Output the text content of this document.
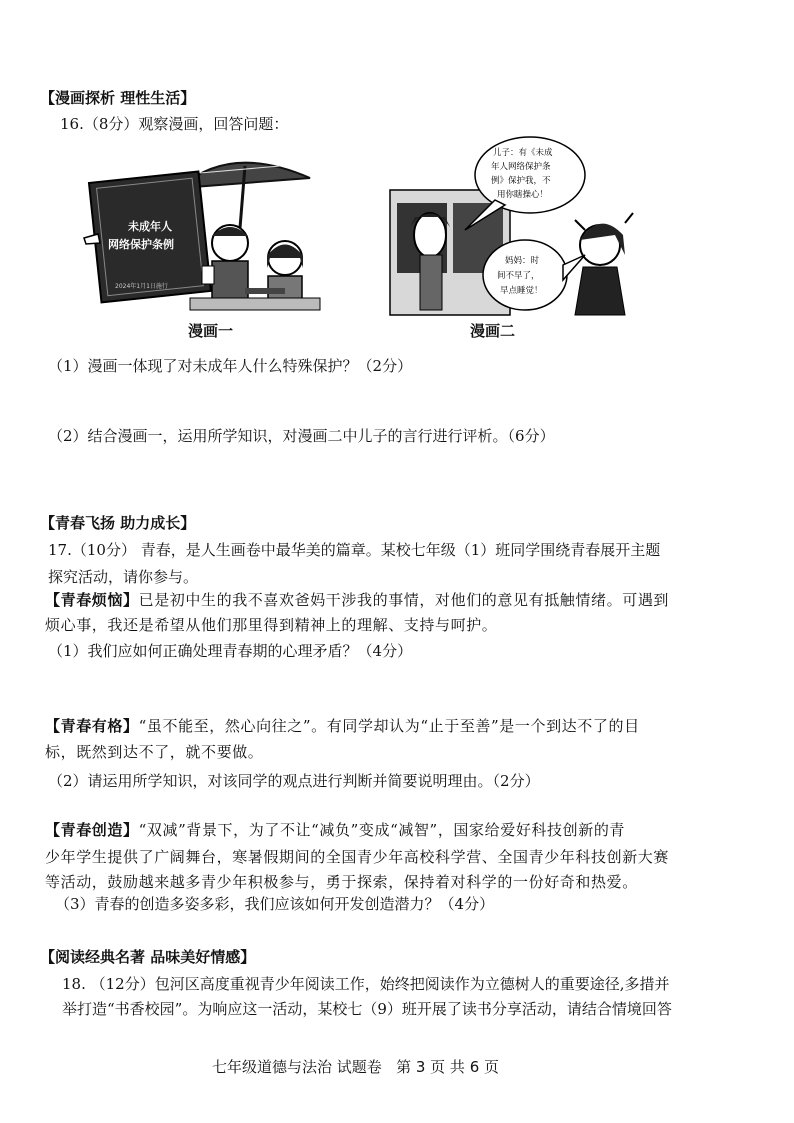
【漫画探析 理性生活】
16.（8分）观察漫画，回答问题：
未成年人
网络保护条例
2024年1月1日施行
漫画一
儿子：有《未成
年人网络保护条
例》保护我，不
用你瞎操心！
妈妈：时
间不早了，
早点睡觉！
漫画二
（1）漫画一体现了对未成年人什么特殊保护？（2分）
（2）结合漫画一，运用所学知识，对漫画二中儿子的言行进行评析。（6分）
【青春飞扬 助力成长】
17.（10分） 青春，是人生画卷中最华美的篇章。某校七年级（1）班同学围绕青春展开主题
探究活动，请你参与。
【青春烦恼】已是初中生的我不喜欢爸妈干涉我的事情，对他们的意见有抵触情绪。可遇到
烦心事，我还是希望从他们那里得到精神上的理解、支持与呵护。
（1）我们应如何正确处理青春期的心理矛盾？（4分）
【青春有格】“虽不能至，然心向往之”。有同学却认为“止于至善”是一个到达不了的目
标，既然到达不了，就不要做。
（2）请运用所学知识，对该同学的观点进行判断并简要说明理由。（2分）
【青春创造】“双减”背景下，为了不让“减负”变成“减智”，国家给爱好科技创新的青
少年学生提供了广阔舞台，寒暑假期间的全国青少年高校科学营、全国青少年科技创新大赛
等活动，鼓励越来越多青少年积极参与，勇于探索，保持着对科学的一份好奇和热爱。
（3）青春的创造多姿多彩，我们应该如何开发创造潜力？（4分）
【阅读经典名著 品味美好情感】
18. （12分）包河区高度重视青少年阅读工作，始终把阅读作为立德树人的重要途径,多措并
举打造“书香校园”。为响应这一活动，某校七（9）班开展了读书分享活动，请结合情境回答
七年级道德与法治 试题卷   第 3 页 共 6 页
